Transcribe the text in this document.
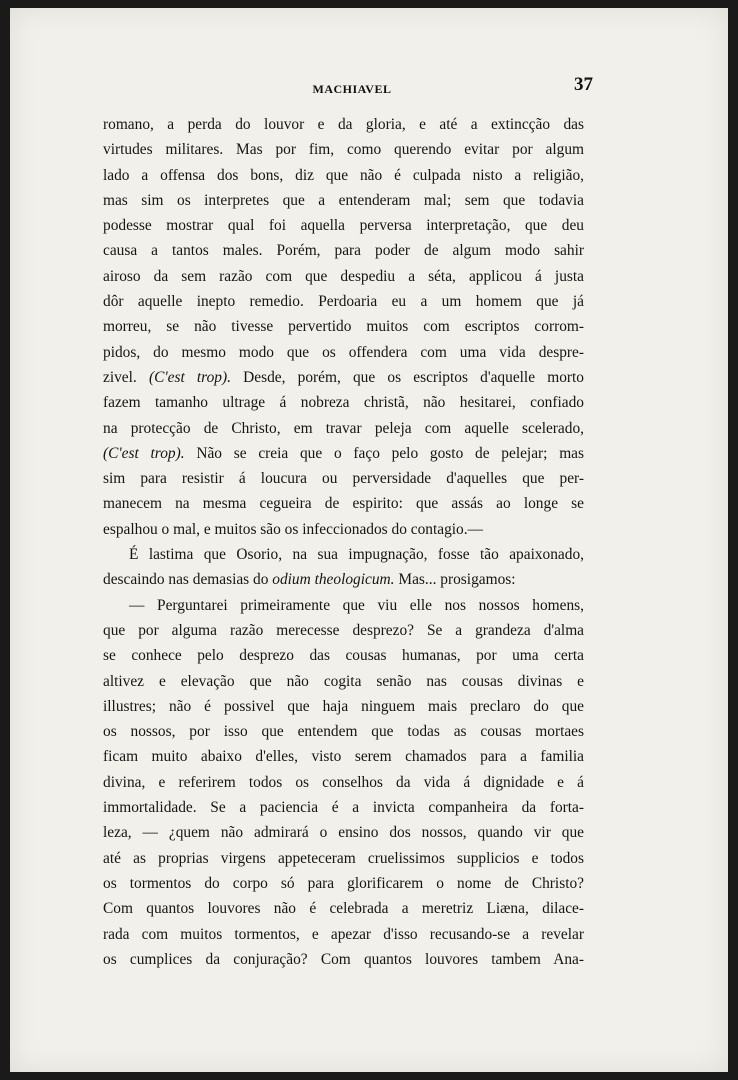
MACHIAVEL	37
romano, a perda do louvor e da gloria, e até a extincção das
virtudes militares. Mas por fim, como querendo evitar por algum
lado a offensa dos bons, diz que não é culpada nisto a religião,
mas sim os interpretes que a entenderam mal; sem que todavia
podesse mostrar qual foi aquella perversa interpretação, que deu
causa a tantos males. Porém, para poder de algum modo sahir
airoso da sem razão com que despediu a séta, applicou á justa
dôr aquelle inepto remedio. Perdoaria eu a um homem que já
morreu, se não tivesse pervertido muitos com escriptos corrom-
pidos, do mesmo modo que os offendera com uma vida despre-
zivel. (C'est trop). Desde, porém, que os escriptos d'aquelle morto
fazem tamanho ultrage á nobreza christã, não hesitarei, confiado
na protecção de Christo, em travar peleja com aquelle scelerado,
(C'est trop). Não se creia que o faço pelo gosto de pelejar; mas
sim para resistir á loucura ou perversidade d'aquelles que per-
manecem na mesma cegueira de espirito: que assás ao longe se
espalhou o mal, e muitos são os infeccionados do contagio.—
É lastima que Osorio, na sua impugnação, fosse tão apaixonado,
descaindo nas demasias do odium theologicum. Mas... prosigamos:
— Perguntarei primeiramente que viu elle nos nossos homens,
que por alguma razão merecesse desprezo? Se a grandeza d'alma
se conhece pelo desprezo das cousas humanas, por uma certa
altivez e elevação que não cogita senão nas cousas divinas e
illustres; não é possivel que haja ninguem mais preclaro do que
os nossos, por isso que entendem que todas as cousas mortaes
ficam muito abaixo d'elles, visto serem chamados para a familia
divina, e referirem todos os conselhos da vida á dignidade e á
immortalidade. Se a paciencia é a invicta companheira da forta-
leza, — ¿quem não admirará o ensino dos nossos, quando vir que
até as proprias virgens appeteceram cruelissimos supplicios e todos
os tormentos do corpo só para glorificarem o nome de Christo?
Com quantos louvores não é celebrada a meretriz Liæna, dilace-
rada com muitos tormentos, e apezar d'isso recusando-se a revelar
os cumplices da conjuração? Com quantos louvores tambem Ana-
